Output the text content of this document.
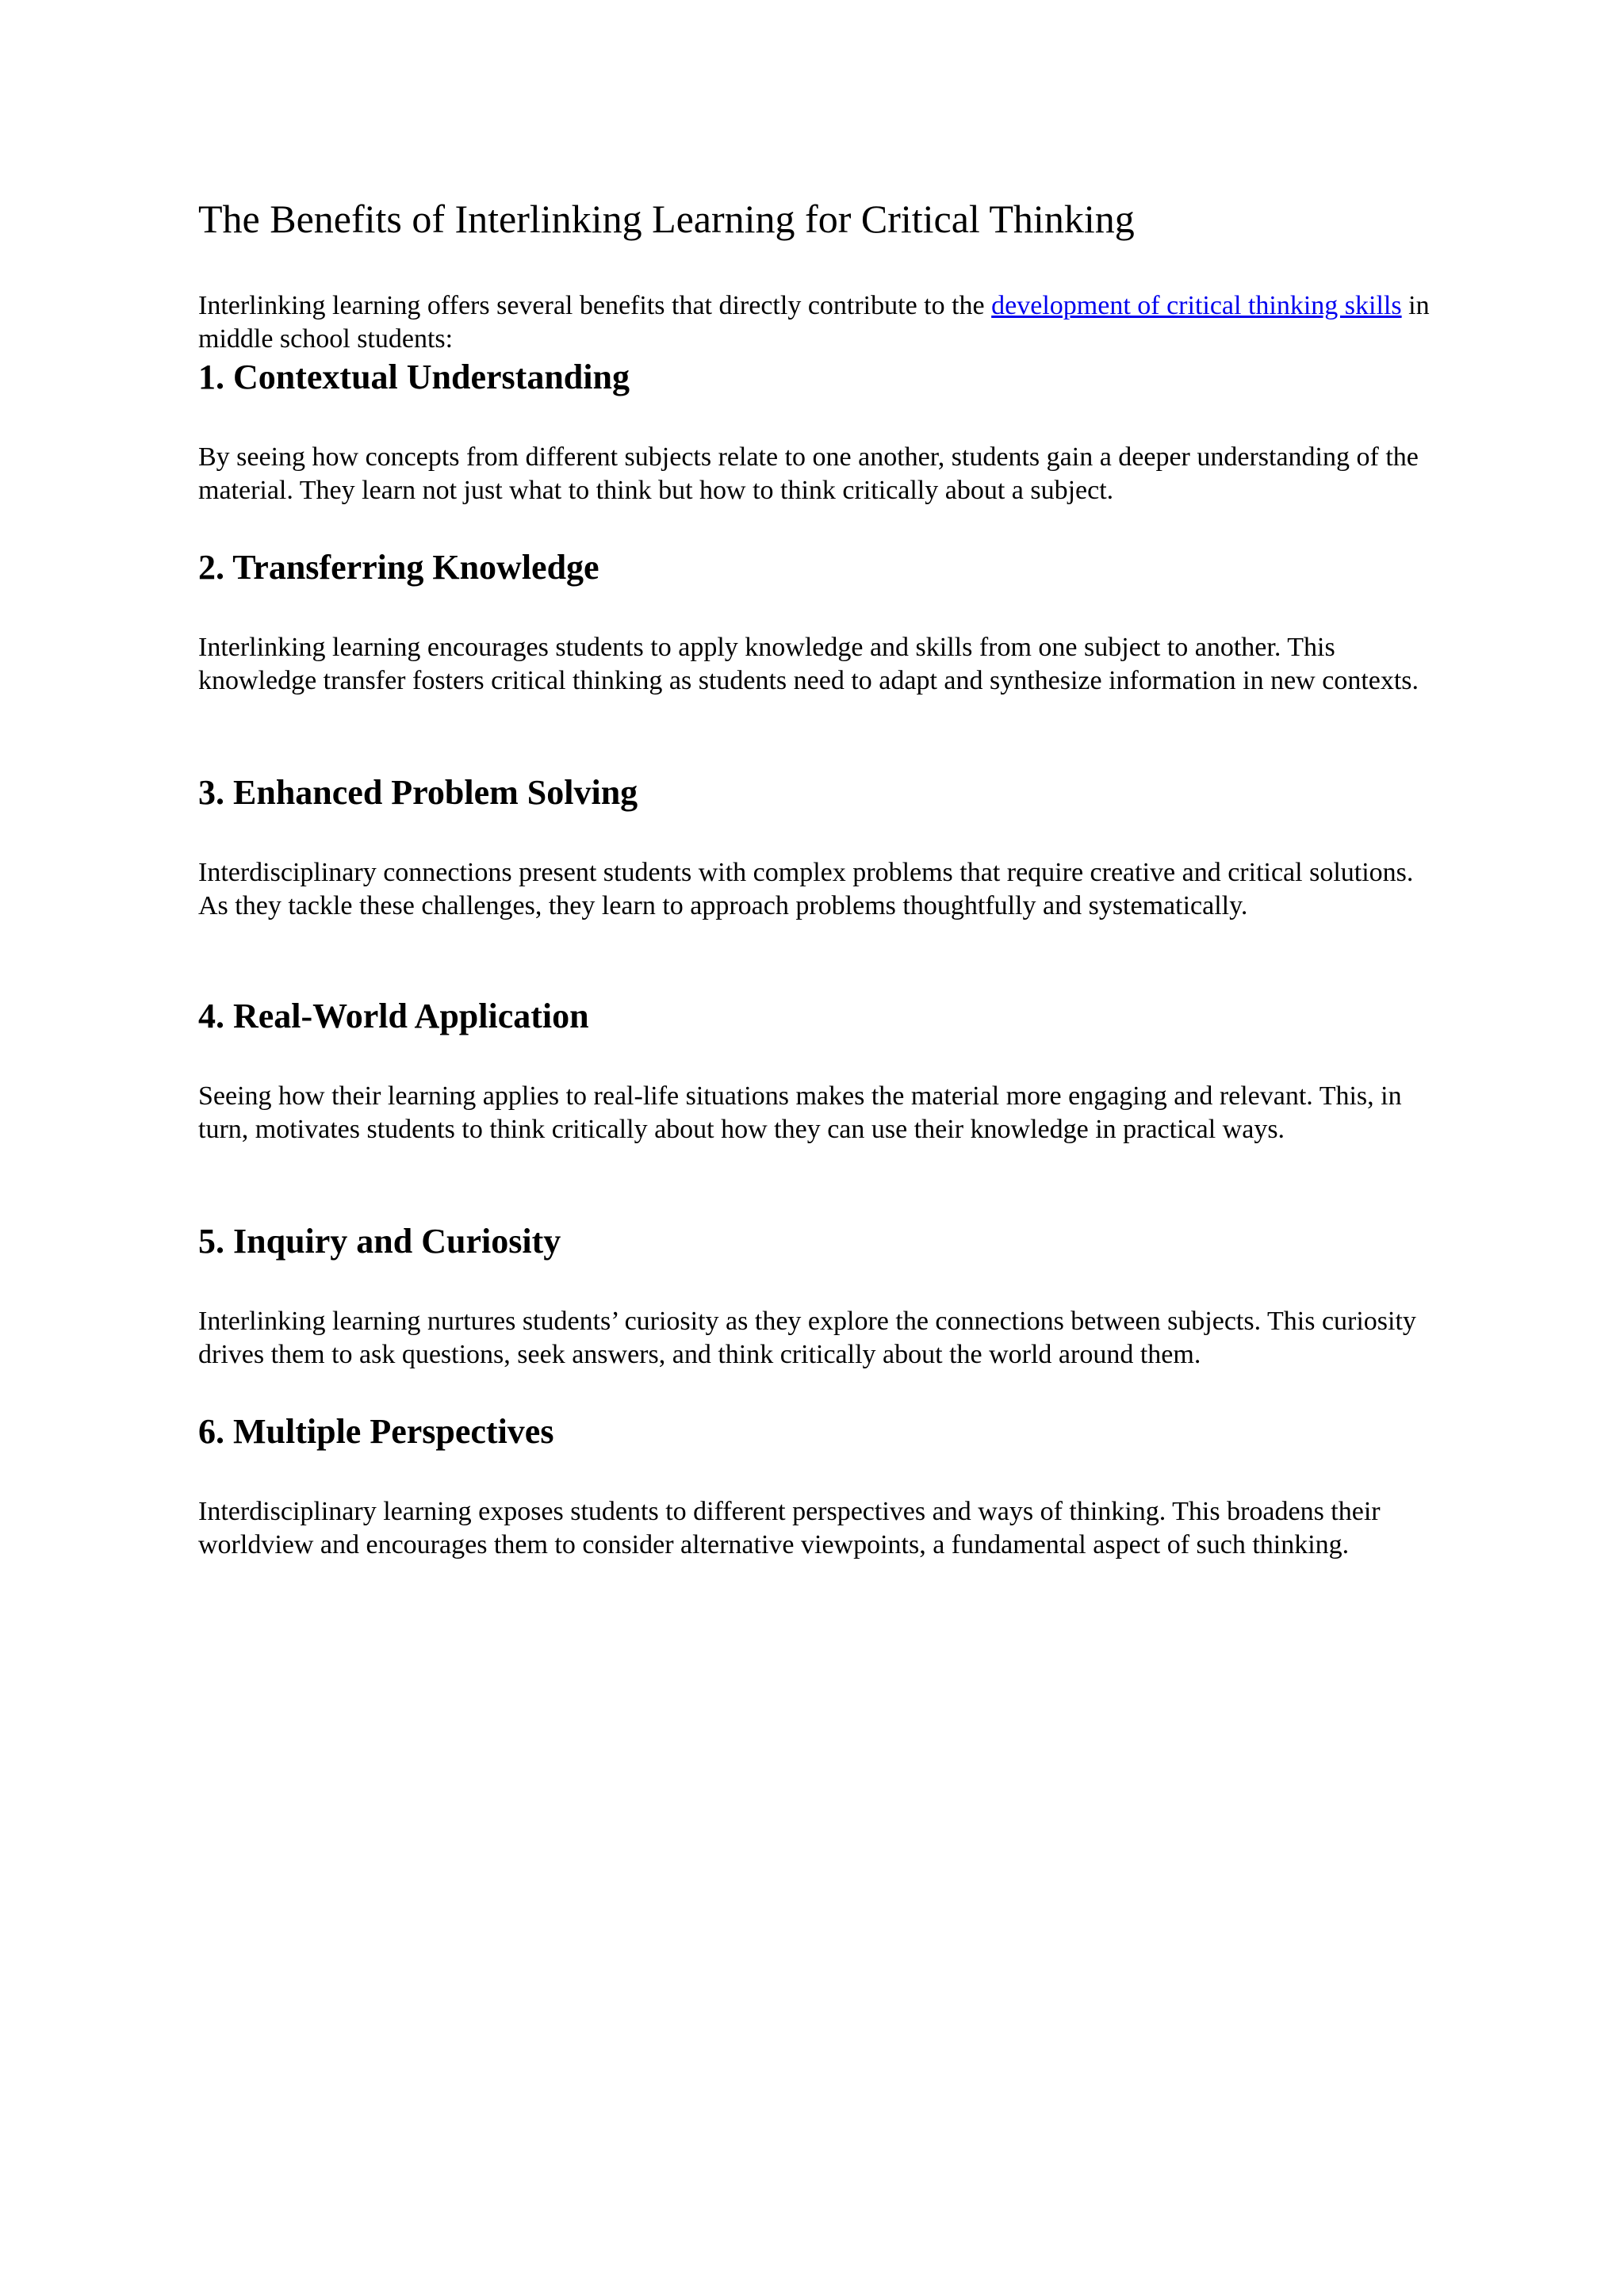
The Benefits of Interlinking Learning for Critical Thinking

Interlinking learning offers several benefits that directly contribute to the development of critical thinking skills in middle school students:

1. Contextual Understanding

By seeing how concepts from different subjects relate to one another, students gain a deeper understanding of the material. They learn not just what to think but how to think critically about a subject.

2. Transferring Knowledge

Interlinking learning encourages students to apply knowledge and skills from one subject to another. This knowledge transfer fosters critical thinking as students need to adapt and synthesize information in new contexts.

3. Enhanced Problem Solving

Interdisciplinary connections present students with complex problems that require creative and critical solutions. As they tackle these challenges, they learn to approach problems thoughtfully and systematically.

4. Real-World Application

Seeing how their learning applies to real-life situations makes the material more engaging and relevant. This, in turn, motivates students to think critically about how they can use their knowledge in practical ways.

5. Inquiry and Curiosity

Interlinking learning nurtures students’ curiosity as they explore the connections between subjects. This curiosity drives them to ask questions, seek answers, and think critically about the world around them.

6. Multiple Perspectives

Interdisciplinary learning exposes students to different perspectives and ways of thinking. This broadens their worldview and encourages them to consider alternative viewpoints, a fundamental aspect of such thinking.
